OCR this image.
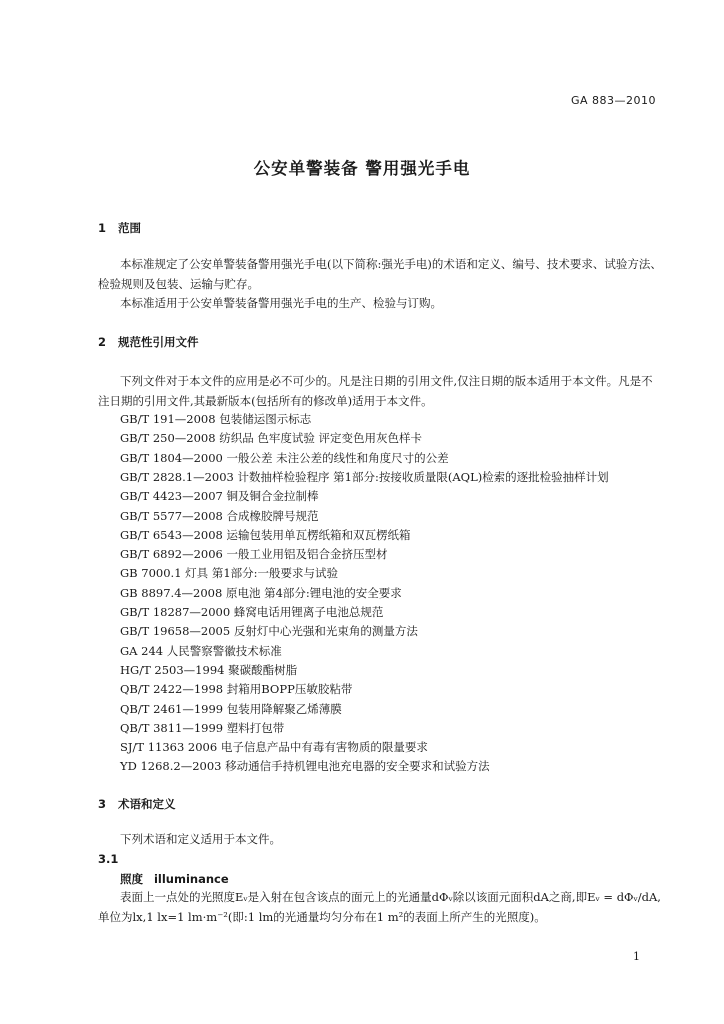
GA 883—2010
公安单警装备 警用强光手电
1 范围
本标准规定了公安单警装备警用强光手电(以下简称:强光手电)的术语和定义、编号、技术要求、试验方法、检验规则及包装、运输与贮存。
本标准适用于公安单警装备警用强光手电的生产、检验与订购。
2 规范性引用文件
下列文件对于本文件的应用是必不可少的。凡是注日期的引用文件,仅注日期的版本适用于本文件。凡是不注日期的引用文件,其最新版本(包括所有的修改单)适用于本文件。
GB/T 191—2008 包装储运图示标志
GB/T 250—2008 纺织品 色牢度试验 评定变色用灰色样卡
GB/T 1804—2000 一般公差 未注公差的线性和角度尺寸的公差
GB/T 2828.1—2003 计数抽样检验程序 第1部分:按接收质量限(AQL)检索的逐批检验抽样计划
GB/T 4423—2007 铜及铜合金拉制棒
GB/T 5577—2008 合成橡胶牌号规范
GB/T 6543—2008 运输包装用单瓦楞纸箱和双瓦楞纸箱
GB/T 6892—2006 一般工业用铝及铝合金挤压型材
GB 7000.1 灯具 第1部分:一般要求与试验
GB 8897.4—2008 原电池 第4部分:锂电池的安全要求
GB/T 18287—2000 蜂窝电话用锂离子电池总规范
GB/T 19658—2005 反射灯中心光强和光束角的测量方法
GA 244 人民警察警徽技术标准
HG/T 2503—1994 聚碳酸酯树脂
QB/T 2422—1998 封箱用BOPP压敏胶粘带
QB/T 2461—1999 包装用降解聚乙烯薄膜
QB/T 3811—1999 塑料打包带
SJ/T 11363 2006 电子信息产品中有毒有害物质的限量要求
YD 1268.2—2003 移动通信手持机锂电池充电器的安全要求和试验方法
3 术语和定义
下列术语和定义适用于本文件。
3.1
照度 illuminance
表面上一点处的光照度Eᵥ是入射在包含该点的面元上的光通量dΦᵥ除以该面元面积dA之商,即Eᵥ = dΦᵥ/dA,单位为lx,1 lx=1 lm·m⁻²(即:1 lm的光通量均匀分布在1 m²的表面上所产生的光照度)。
1
